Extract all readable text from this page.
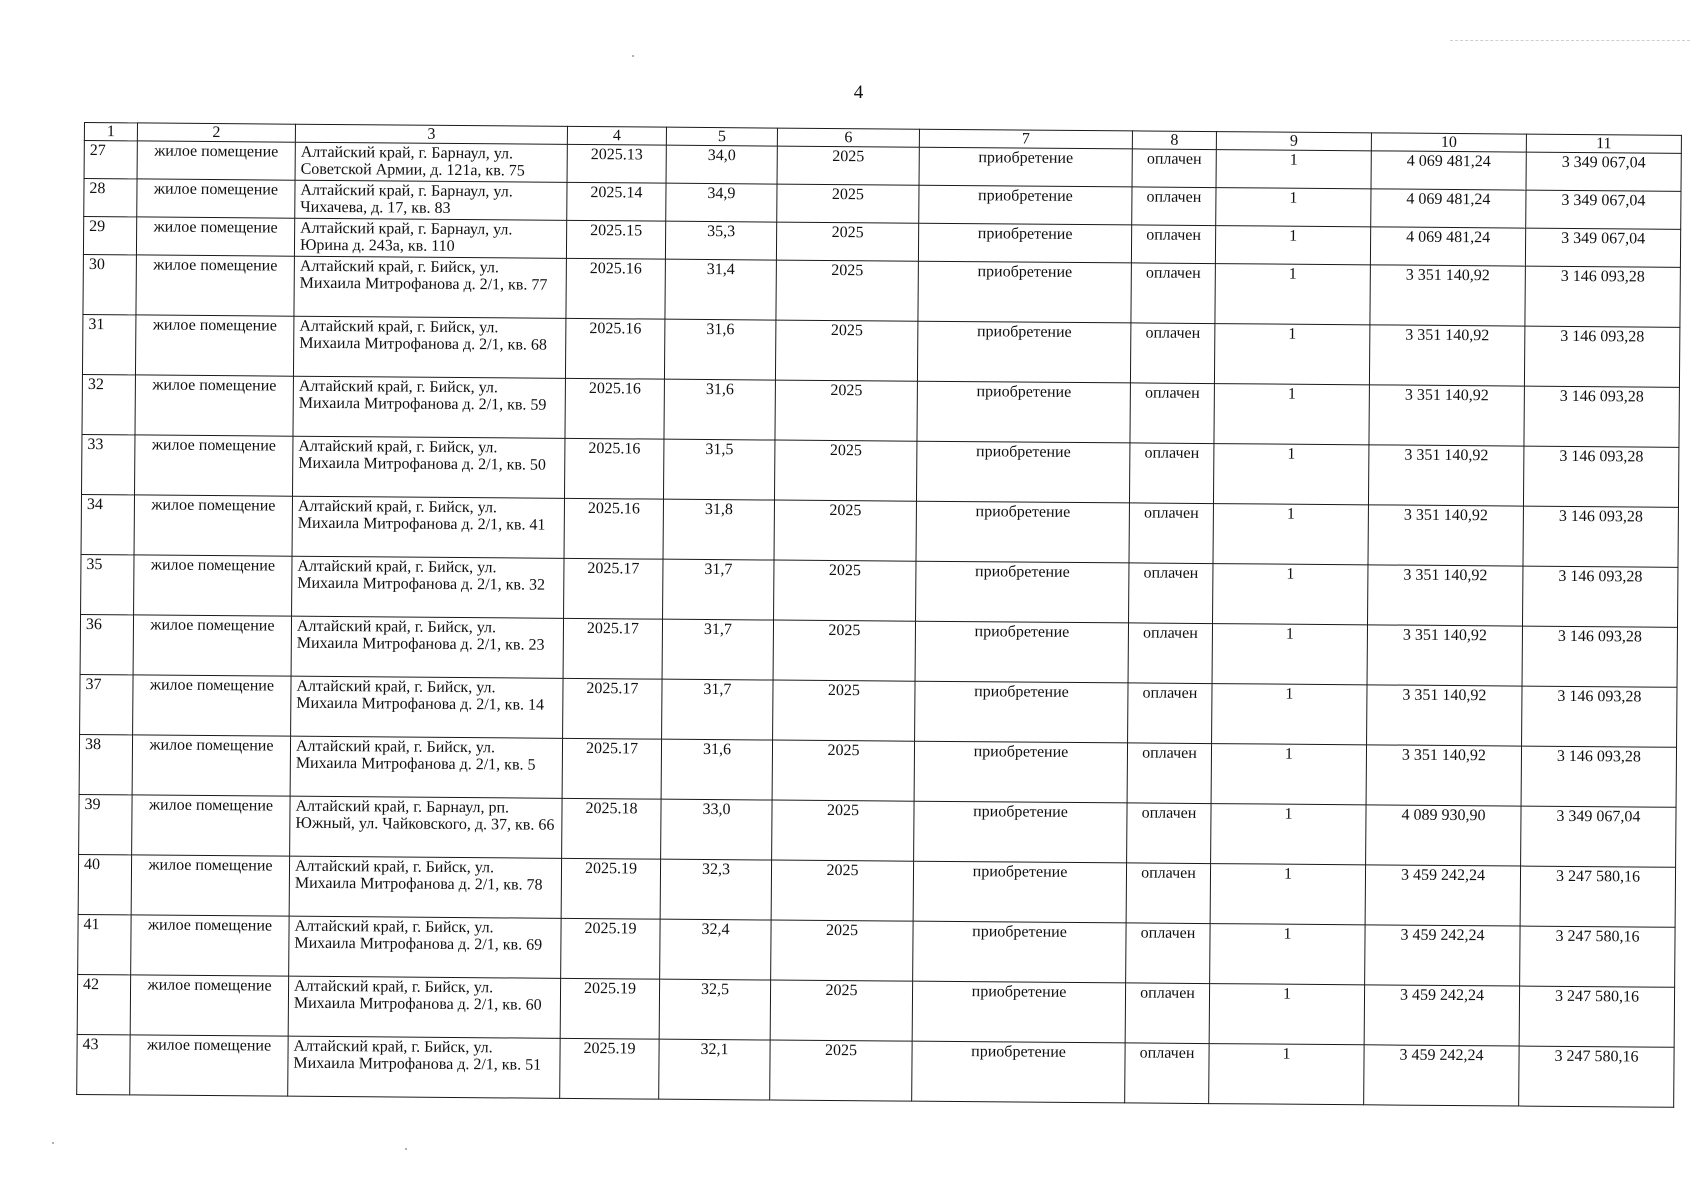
4
1	2	3	4	5	6	7	8	9	10	11
27	жилое помещение	Алтайский край, г. Барнаул, ул. Советской Армии, д. 121а, кв. 75	2025.13	34,0	2025	приобретение	оплачен	1	4 069 481,24	3 349 067,04
28	жилое помещение	Алтайский край, г. Барнаул, ул. Чихачева, д. 17, кв. 83	2025.14	34,9	2025	приобретение	оплачен	1	4 069 481,24	3 349 067,04
29	жилое помещение	Алтайский край, г. Барнаул, ул. Юрина д. 243а, кв. 110	2025.15	35,3	2025	приобретение	оплачен	1	4 069 481,24	3 349 067,04
30	жилое помещение	Алтайский край, г. Бийск, ул. Михаила Митрофанова д. 2/1, кв. 77	2025.16	31,4	2025	приобретение	оплачен	1	3 351 140,92	3 146 093,28
31	жилое помещение	Алтайский край, г. Бийск, ул. Михаила Митрофанова д. 2/1, кв. 68	2025.16	31,6	2025	приобретение	оплачен	1	3 351 140,92	3 146 093,28
32	жилое помещение	Алтайский край, г. Бийск, ул. Михаила Митрофанова д. 2/1, кв. 59	2025.16	31,6	2025	приобретение	оплачен	1	3 351 140,92	3 146 093,28
33	жилое помещение	Алтайский край, г. Бийск, ул. Михаила Митрофанова д. 2/1, кв. 50	2025.16	31,5	2025	приобретение	оплачен	1	3 351 140,92	3 146 093,28
34	жилое помещение	Алтайский край, г. Бийск, ул. Михаила Митрофанова д. 2/1, кв. 41	2025.16	31,8	2025	приобретение	оплачен	1	3 351 140,92	3 146 093,28
35	жилое помещение	Алтайский край, г. Бийск, ул. Михаила Митрофанова д. 2/1, кв. 32	2025.17	31,7	2025	приобретение	оплачен	1	3 351 140,92	3 146 093,28
36	жилое помещение	Алтайский край, г. Бийск, ул. Михаила Митрофанова д. 2/1, кв. 23	2025.17	31,7	2025	приобретение	оплачен	1	3 351 140,92	3 146 093,28
37	жилое помещение	Алтайский край, г. Бийск, ул. Михаила Митрофанова д. 2/1, кв. 14	2025.17	31,7	2025	приобретение	оплачен	1	3 351 140,92	3 146 093,28
38	жилое помещение	Алтайский край, г. Бийск, ул. Михаила Митрофанова д. 2/1, кв. 5	2025.17	31,6	2025	приобретение	оплачен	1	3 351 140,92	3 146 093,28
39	жилое помещение	Алтайский край, г. Барнаул, рп. Южный, ул. Чайковского, д. 37, кв. 66	2025.18	33,0	2025	приобретение	оплачен	1	4 089 930,90	3 349 067,04
40	жилое помещение	Алтайский край, г. Бийск, ул. Михаила Митрофанова д. 2/1, кв. 78	2025.19	32,3	2025	приобретение	оплачен	1	3 459 242,24	3 247 580,16
41	жилое помещение	Алтайский край, г. Бийск, ул. Михаила Митрофанова д. 2/1, кв. 69	2025.19	32,4	2025	приобретение	оплачен	1	3 459 242,24	3 247 580,16
42	жилое помещение	Алтайский край, г. Бийск, ул. Михаила Митрофанова д. 2/1, кв. 60	2025.19	32,5	2025	приобретение	оплачен	1	3 459 242,24	3 247 580,16
43	жилое помещение	Алтайский край, г. Бийск, ул. Михаила Митрофанова д. 2/1, кв. 51	2025.19	32,1	2025	приобретение	оплачен	1	3 459 242,24	3 247 580,16
